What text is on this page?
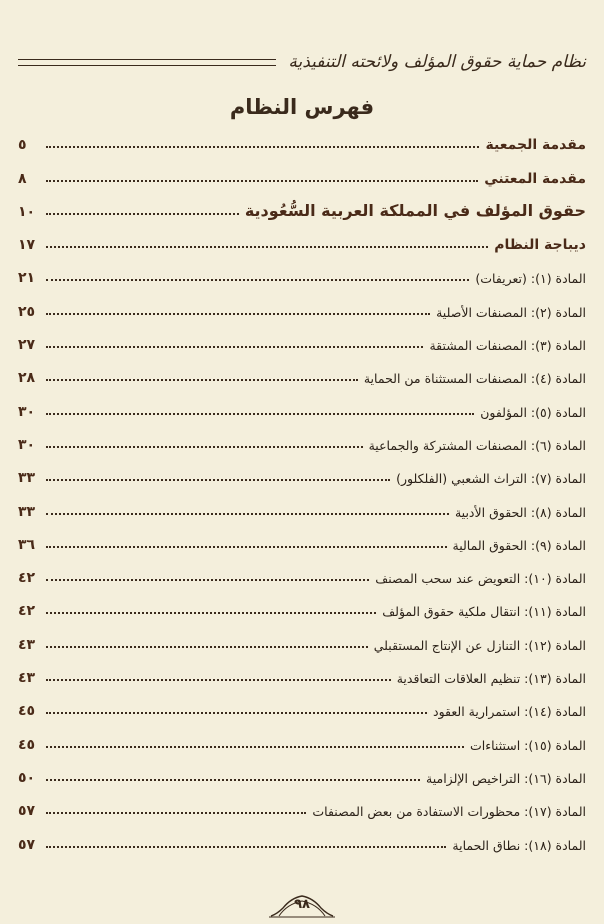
نظام حماية حقوق المؤلف ولائحته التنفيذية
فهرس النظام
مقدمة الجمعية
٥
مقدمة المعتني
٨
حقوق المؤلف في المملكة العربية السُّعُودية
١٠
ديباجة النظام
١٧
المادة (١): (تعريفات)
٢١
المادة (٢): المصنفات الأصلية
٢٥
المادة (٣): المصنفات المشتقة
٢٧
المادة (٤): المصنفات المستثناة من الحماية
٢٨
المادة (٥): المؤلفون
٣٠
المادة (٦): المصنفات المشتركة والجماعية
٣٠
المادة (٧): التراث الشعبي (الفلكلور)
٣٣
المادة (٨): الحقوق الأدبية
٣٣
المادة (٩): الحقوق المالية
٣٦
المادة (١٠): التعويض عند سحب المصنف
٤٢
المادة (١١): انتقال ملكية حقوق المؤلف
٤٢
المادة (١٢): التنازل عن الإنتاج المستقبلي
٤٣
المادة (١٣): تنظيم العلاقات التعاقدية
٤٣
المادة (١٤): استمرارية العقود
٤٥
المادة (١٥): استثناءات
٤٥
المادة (١٦): التراخيص الإلزامية
٥٠
المادة (١٧): محظورات الاستفادة من بعض المصنفات
٥٧
المادة (١٨): نطاق الحماية
٥٧
٩٨
